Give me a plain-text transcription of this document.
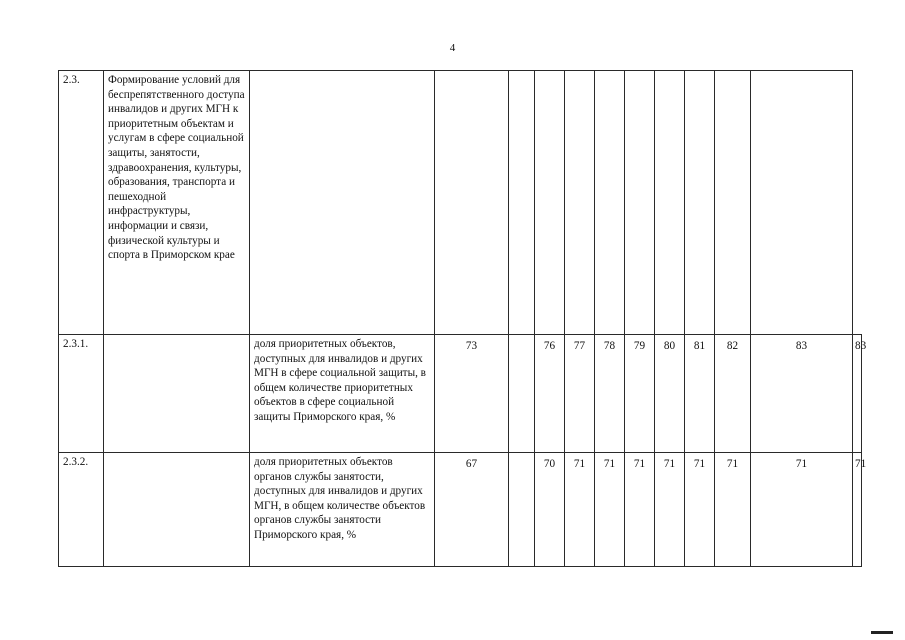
4
2.3.	Формирование условий для беспрепятственного доступа инвалидов и других МГН к приоритетным объектам и услугам в сфере социальной защиты, занятости, здравоохранения, культуры, образования, транспорта и пешеходной инфраструктуры, информации и связи, физической культуры и спорта в Приморском крае												
2.3.1.		доля приоритетных объектов, доступных для инвалидов и других МГН в сфере социальной защиты, в общем количестве приоритетных объектов в сфере социальной защиты Приморского края, %	73		76	77	78	79	80	81	82	83	83
2.3.2.		доля приоритетных объектов органов службы занятости, доступных для инвалидов и других МГН, в общем количестве объектов органов службы занятости Приморского края, %	67		70	71	71	71	71	71	71	71	71
